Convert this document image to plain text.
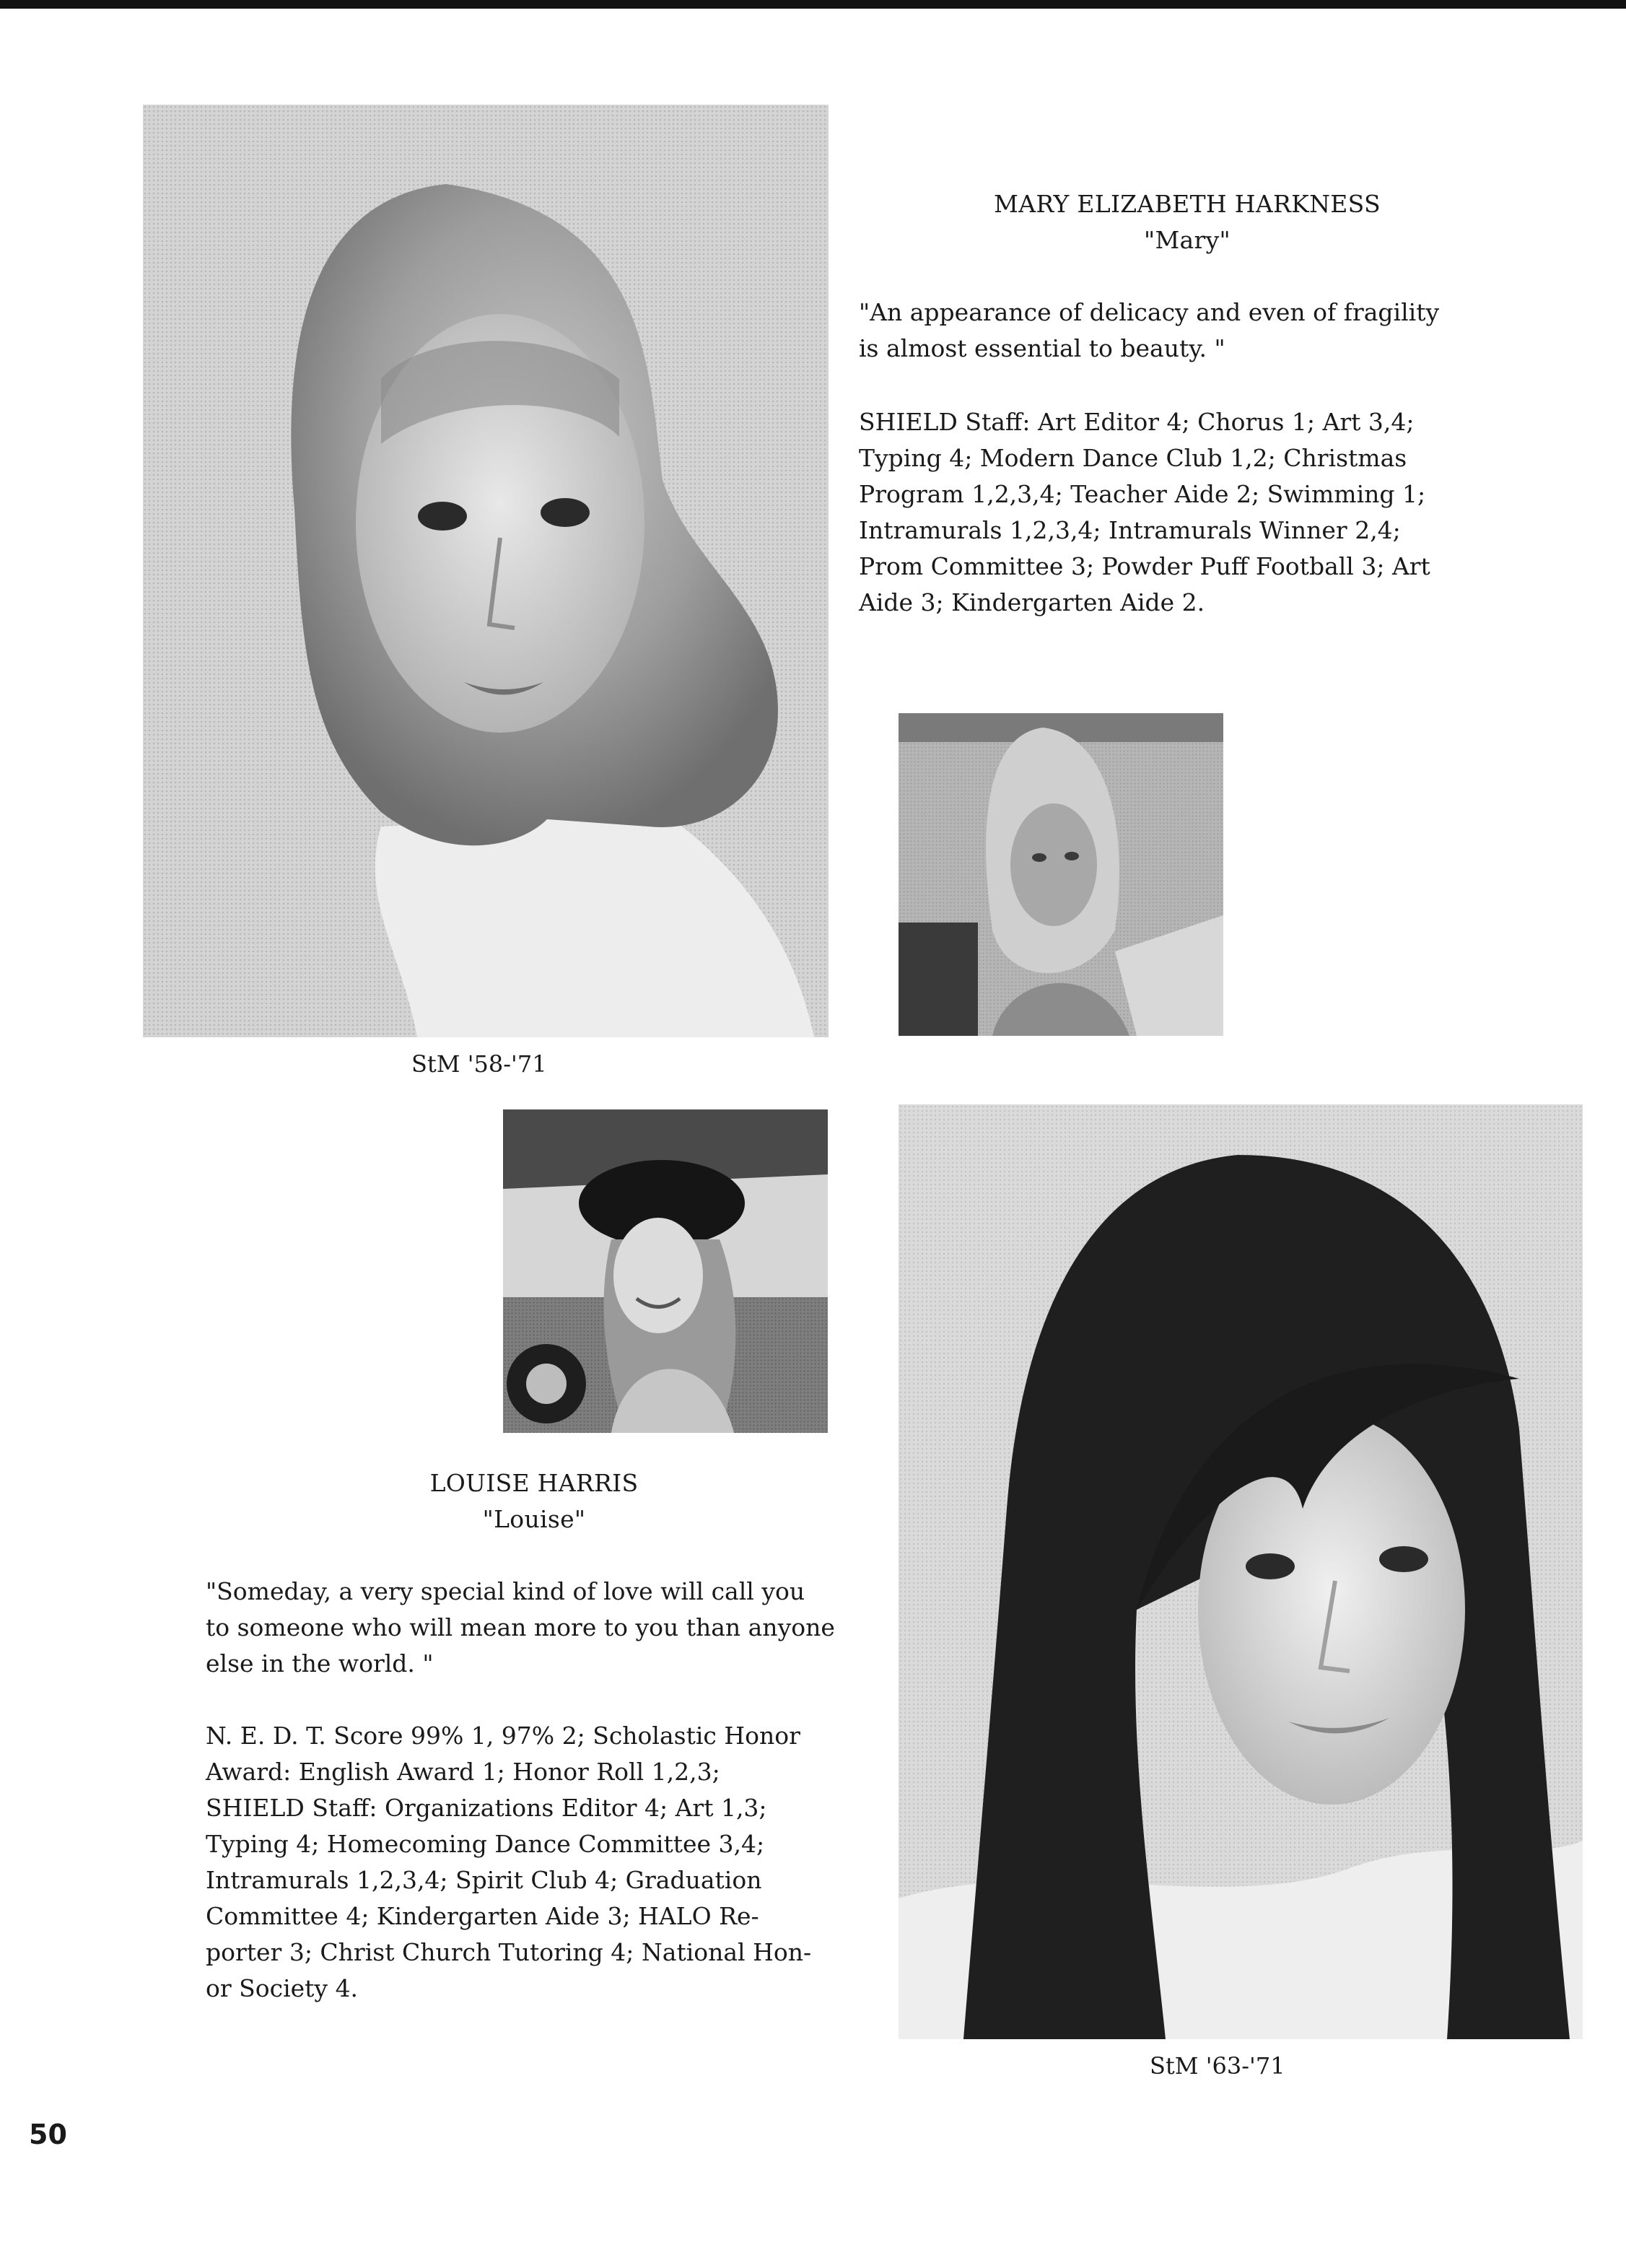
MARY ELIZABETH HARKNESS
"Mary"
"An appearance of delicacy and even of fragility
is almost essential to beauty. "
SHIELD Staff: Art Editor 4; Chorus 1; Art 3,4;
Typing 4; Modern Dance Club 1,2; Christmas
Program 1,2,3,4; Teacher Aide 2; Swimming 1;
Intramurals 1,2,3,4; Intramurals Winner 2,4;
Prom Committee 3; Powder Puff Football 3; Art
Aide 3; Kindergarten Aide 2.
StM '58-'71
LOUISE HARRIS
"Louise"
"Someday, a very special kind of love will call you
to someone who will mean more to you than anyone
else in the world. "
N. E. D. T. Score 99% 1, 97% 2; Scholastic Honor
Award: English Award 1; Honor Roll 1,2,3;
SHIELD Staff: Organizations Editor 4; Art 1,3;
Typing 4; Homecoming Dance Committee 3,4;
Intramurals 1,2,3,4; Spirit Club 4; Graduation
Committee 4; Kindergarten Aide 3; HALO Re-
porter 3; Christ Church Tutoring 4; National Hon-
or Society 4.
StM '63-'71
50
